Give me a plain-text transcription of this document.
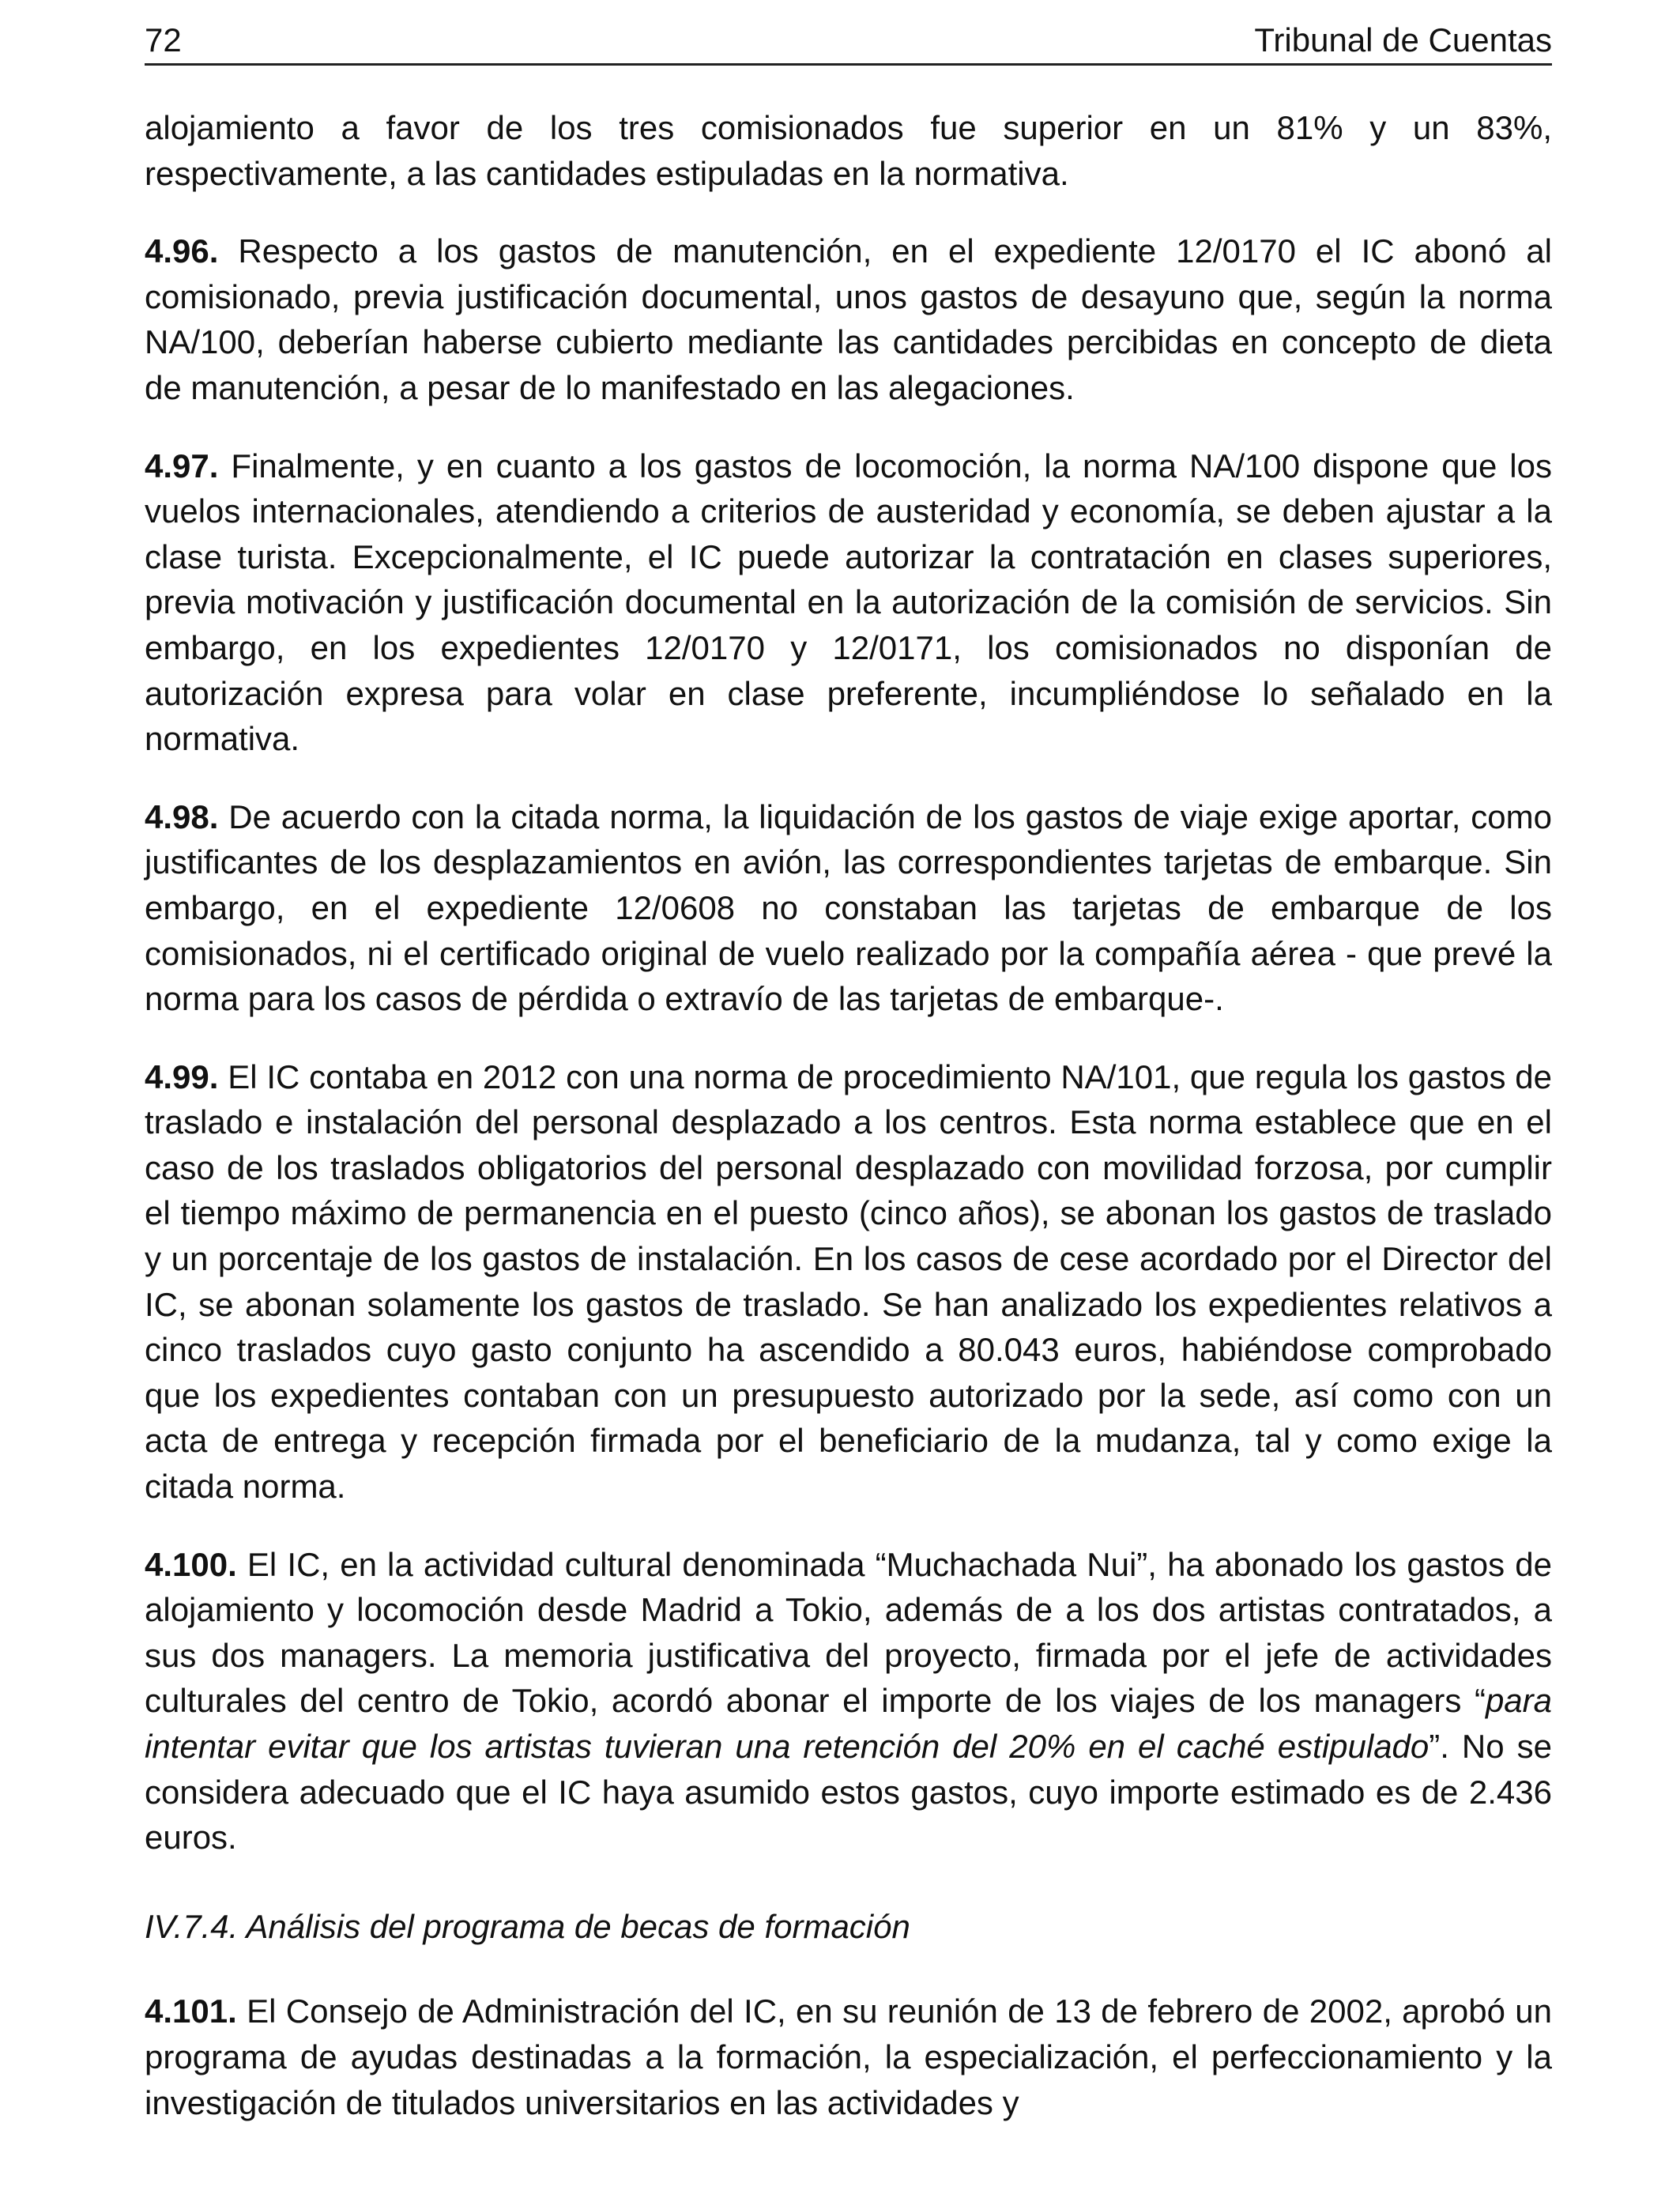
72	Tribunal de Cuentas

alojamiento a favor de los tres comisionados fue superior en un 81% y un 83%, respectivamente, a las cantidades estipuladas en la normativa.

4.96. Respecto a los gastos de manutención, en el expediente 12/0170 el IC abonó al comisionado, previa justificación documental, unos gastos de desayuno que, según la norma NA/100, deberían haberse cubierto mediante las cantidades percibidas en concepto de dieta de manutención, a pesar de lo manifestado en las alegaciones.

4.97. Finalmente, y en cuanto a los gastos de locomoción, la norma NA/100 dispone que los vuelos internacionales, atendiendo a criterios de austeridad y economía, se deben ajustar a la clase turista. Excepcionalmente, el IC puede autorizar la contratación en clases superiores, previa motivación y justificación documental en la autorización de la comisión de servicios. Sin embargo, en los expedientes 12/0170 y 12/0171, los comisionados no disponían de autorización expresa para volar en clase preferente, incumpliéndose lo señalado en la normativa.

4.98. De acuerdo con la citada norma, la liquidación de los gastos de viaje exige aportar, como justificantes de los desplazamientos en avión, las correspondientes tarjetas de embarque. Sin embargo, en el expediente 12/0608 no constaban las tarjetas de embarque de los comisionados, ni el certificado original de vuelo realizado por la compañía aérea - que prevé la norma para los casos de pérdida o extravío de las tarjetas de embarque-.

4.99. El IC contaba en 2012 con una norma de procedimiento NA/101, que regula los gastos de traslado e instalación del personal desplazado a los centros. Esta norma establece que en el caso de los traslados obligatorios del personal desplazado con movilidad forzosa, por cumplir el tiempo máximo de permanencia en el puesto (cinco años), se abonan los gastos de traslado y un porcentaje de los gastos de instalación. En los casos de cese acordado por el Director del IC, se abonan solamente los gastos de traslado. Se han analizado los expedientes relativos a cinco traslados cuyo gasto conjunto ha ascendido a 80.043 euros, habiéndose comprobado que los expedientes contaban con un presupuesto autorizado por la sede, así como con un acta de entrega y recepción firmada por el beneficiario de la mudanza, tal y como exige la citada norma.

4.100. El IC, en la actividad cultural denominada “Muchachada Nui”, ha abonado los gastos de alojamiento y locomoción desde Madrid a Tokio, además de a los dos artistas contratados, a sus dos managers. La memoria justificativa del proyecto, firmada por el jefe de actividades culturales del centro de Tokio, acordó abonar el importe de los viajes de los managers “para intentar evitar que los artistas tuvieran una retención del 20% en el caché estipulado”. No se considera adecuado que el IC haya asumido estos gastos, cuyo importe estimado es de 2.436 euros.

IV.7.4. Análisis del programa de becas de formación

4.101. El Consejo de Administración del IC, en su reunión de 13 de febrero de 2002, aprobó un programa de ayudas destinadas a la formación, la especialización, el perfeccionamiento y la investigación de titulados universitarios en las actividades y
